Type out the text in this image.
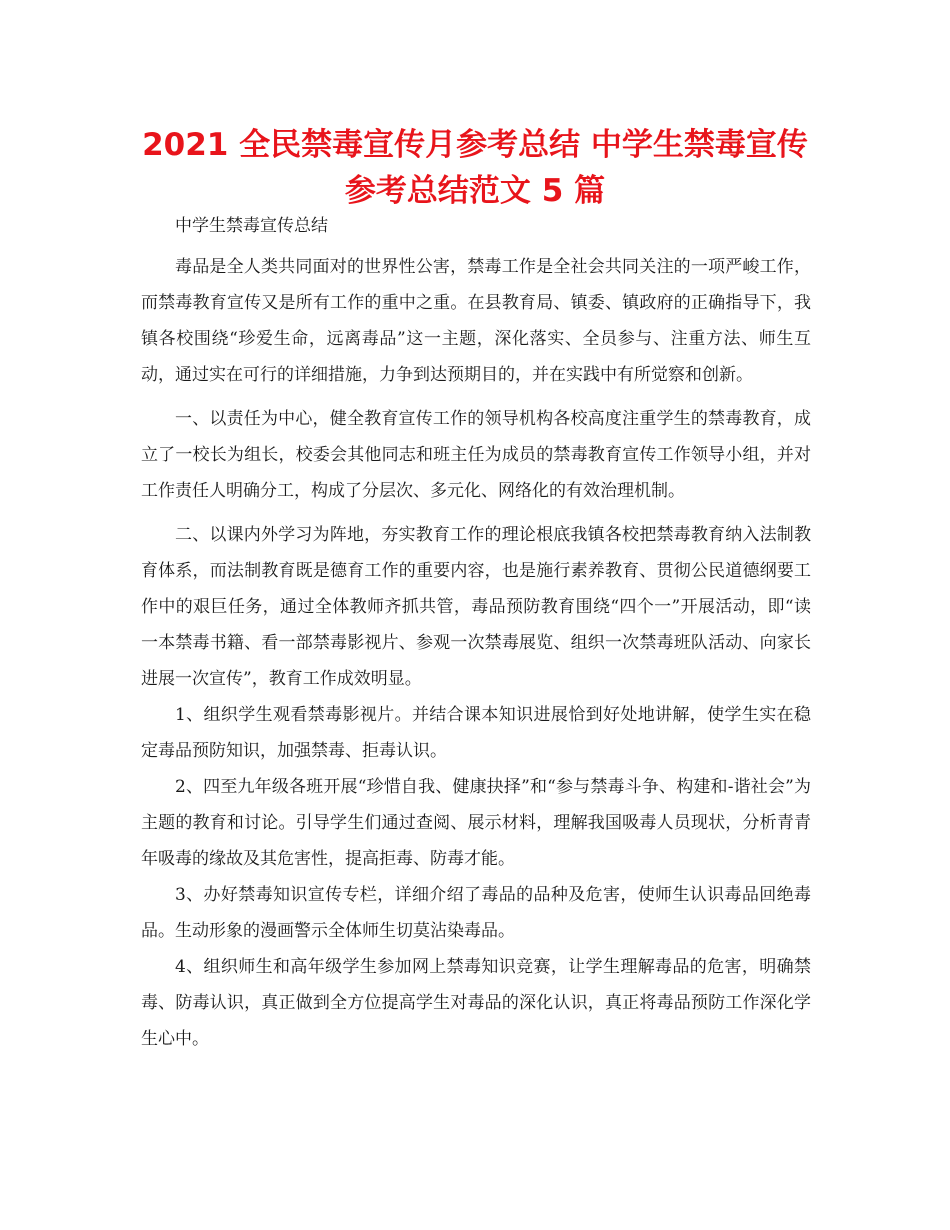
2021 全民禁毒宣传月参考总结 中学生禁毒宣传
参考总结范文 5 篇

中学生禁毒宣传总结

毒品是全人类共同面对的世界性公害，禁毒工作是全社会共同关注的一项严峻工作，而禁毒教育宣传又是所有工作的重中之重。在县教育局、镇委、镇政府的正确指导下，我镇各校围绕“珍爱生命，远离毒品”这一主题，深化落实、全员参与、注重方法、师生互动，通过实在可行的详细措施，力争到达预期目的，并在实践中有所觉察和创新。

一、以责任为中心，健全教育宣传工作的领导机构各校高度注重学生的禁毒教育，成立了一校长为组长，校委会其他同志和班主任为成员的禁毒教育宣传工作领导小组，并对工作责任人明确分工，构成了分层次、多元化、网络化的有效治理机制。

二、以课内外学习为阵地，夯实教育工作的理论根底我镇各校把禁毒教育纳入法制教育体系，而法制教育既是德育工作的重要内容，也是施行素养教育、贯彻公民道德纲要工作中的艰巨任务，通过全体教师齐抓共管，毒品预防教育围绕“四个一”开展活动，即“读一本禁毒书籍、看一部禁毒影视片、参观一次禁毒展览、组织一次禁毒班队活动、向家长进展一次宣传”，教育工作成效明显。

1、组织学生观看禁毒影视片。并结合课本知识进展恰到好处地讲解，使学生实在稳定毒品预防知识，加强禁毒、拒毒认识。

2、四至九年级各班开展“珍惜自我、健康抉择”和“参与禁毒斗争、构建和-谐社会”为主题的教育和讨论。引导学生们通过查阅、展示材料，理解我国吸毒人员现状，分析青青年吸毒的缘故及其危害性，提高拒毒、防毒才能。

3、办好禁毒知识宣传专栏，详细介绍了毒品的品种及危害，使师生认识毒品回绝毒品。生动形象的漫画警示全体师生切莫沾染毒品。

4、组织师生和高年级学生参加网上禁毒知识竞赛，让学生理解毒品的危害，明确禁毒、防毒认识，真正做到全方位提高学生对毒品的深化认识，真正将毒品预防工作深化学生心中。
